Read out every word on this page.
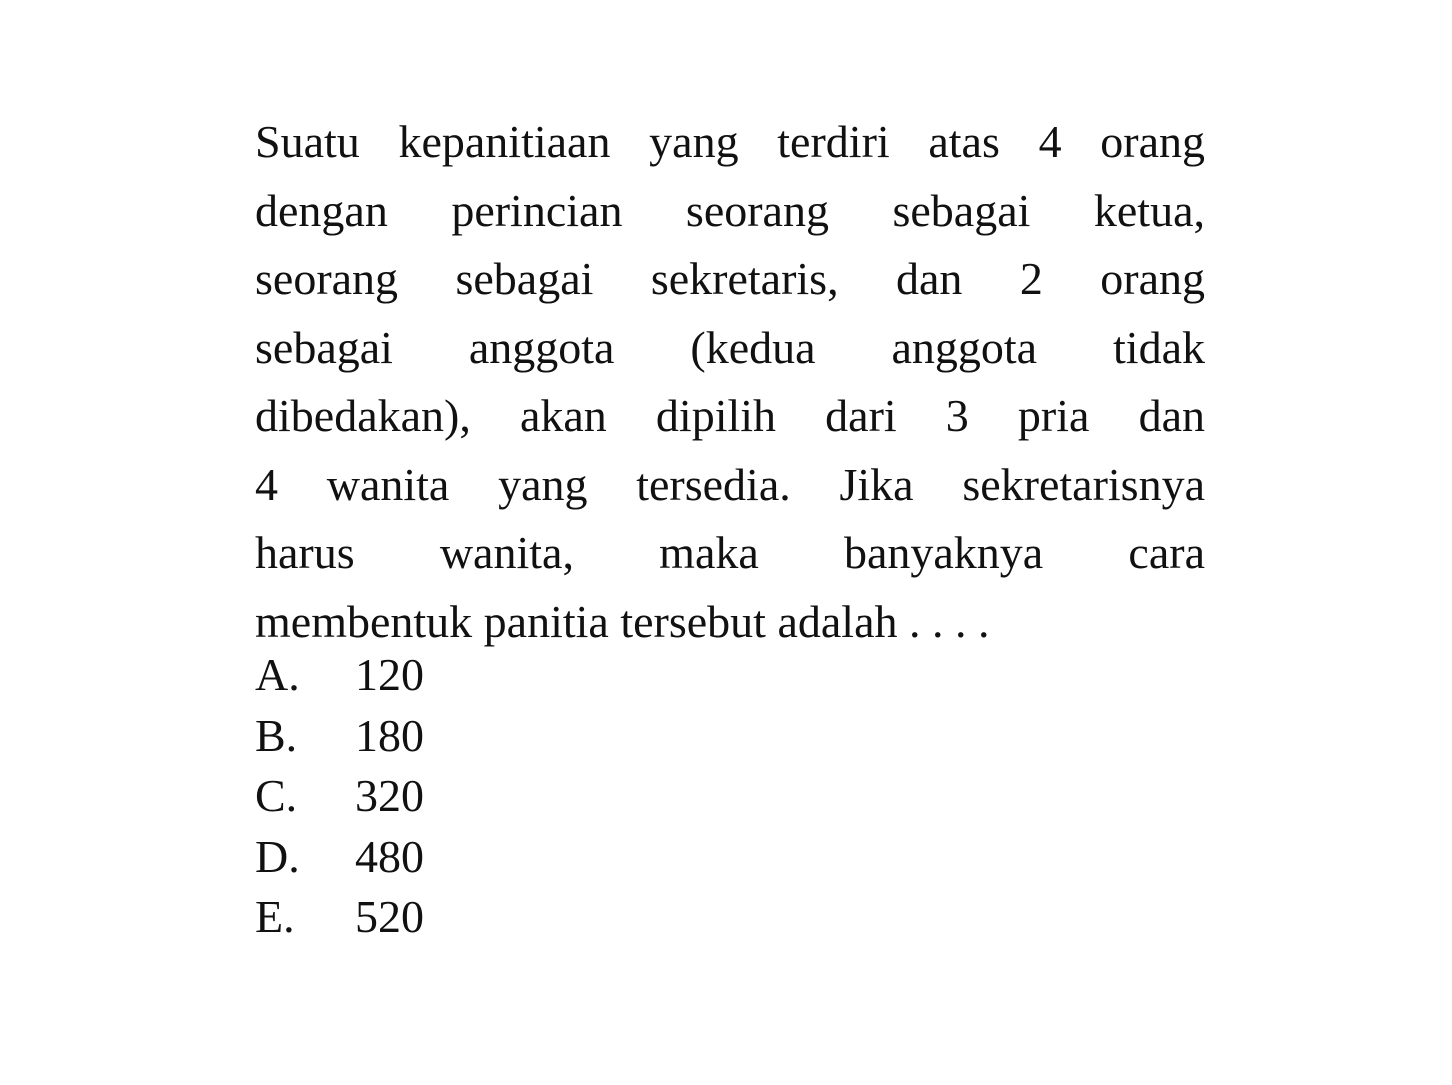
Suatu kepanitiaan yang terdiri atas 4 orang
dengan perincian seorang sebagai ketua,
seorang sebagai sekretaris, dan 2 orang
sebagai anggota (kedua anggota tidak
dibedakan), akan dipilih dari 3 pria dan
4 wanita yang tersedia. Jika sekretarisnya
harus wanita, maka banyaknya cara
membentuk panitia tersebut adalah . . . .
A.	120
B.	180
C.	320
D.	480
E.	520
